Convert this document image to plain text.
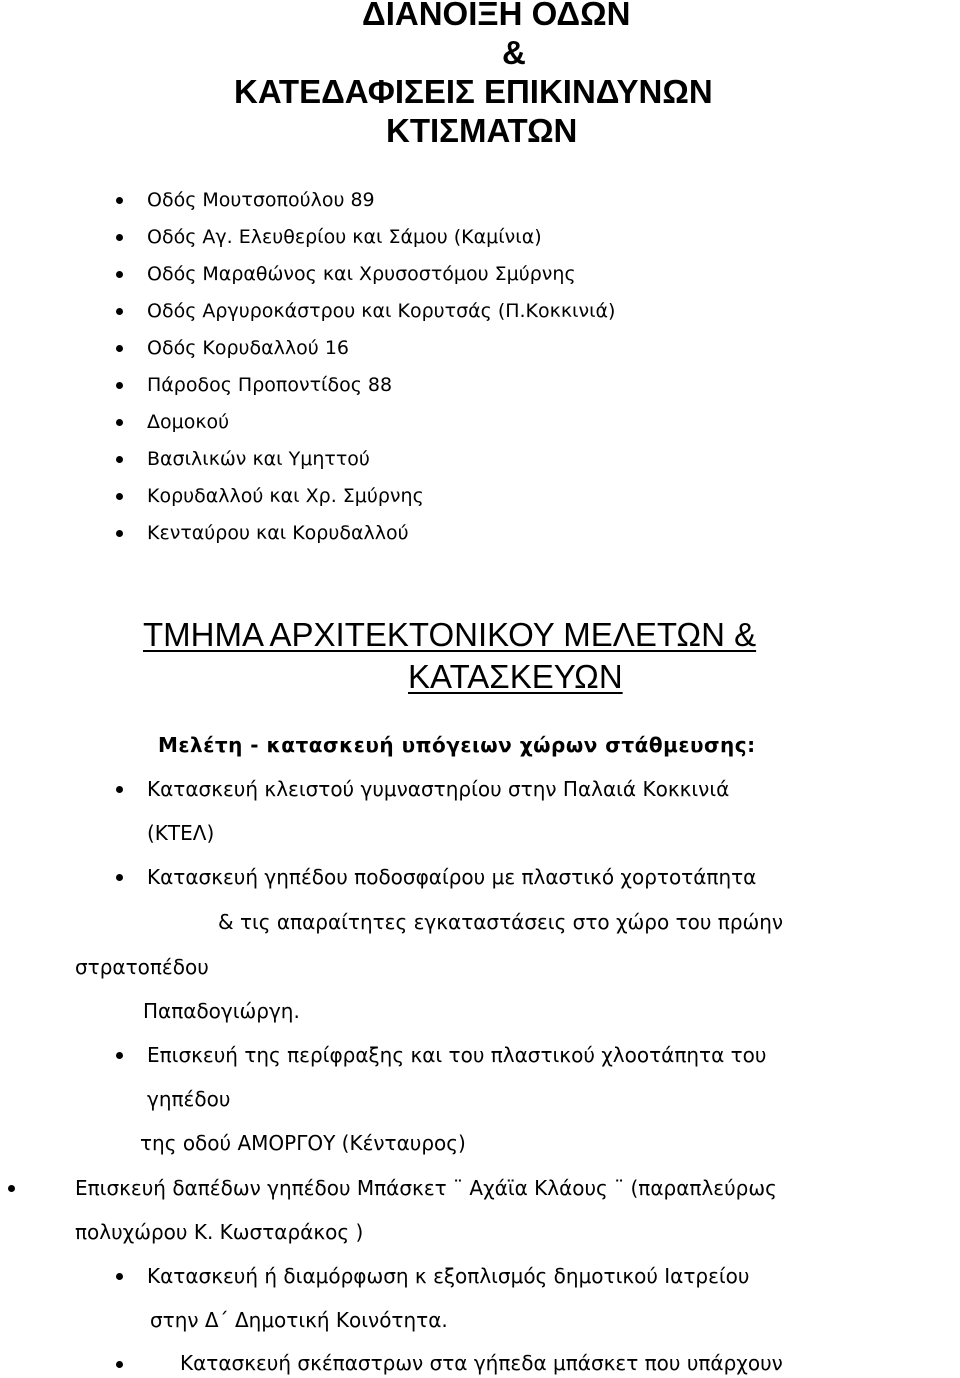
ΔΙΑΝΟΙΞΗ ΟΔΩΝ
&
ΚΑΤΕΔΑΦΙΣΕΙΣ ΕΠΙΚΙΝΔΥΝΩΝ
ΚΤΙΣΜΑΤΩΝ
Οδός Μουτσοπούλου 89
Οδός Αγ. Ελευθερίου και Σάμου (Καμίνια)
Οδός Μαραθώνος και Χρυσοστόμου Σμύρνης
Οδός Αργυροκάστρου και Κορυτσάς (Π.Κοκκινιά)
Οδός Κορυδαλλού 16
Πάροδος Προποντίδος 88
Δομοκού
Βασιλικών και Υμηττού
Κορυδαλλού και Χρ. Σμύρνης
Κενταύρου και Κορυδαλλού
ΤΜΗΜΑ ΑΡΧΙΤΕΚΤΟΝΙΚΟΥ ΜΕΛΕΤΩΝ &
ΚΑΤΑΣΚΕΥΩΝ
Μελέτη - κατασκευή υπόγειων χώρων στάθμευσης:
Κατασκευή κλειστού γυμναστηρίου στην Παλαιά Κοκκινιά
(ΚΤΕΛ)
Κατασκευή γηπέδου ποδοσφαίρου με πλαστικό χορτοτάπητα
& τις απαραίτητες εγκαταστάσεις στο χώρο του πρώην
στρατοπέδου
Παπαδογιώργη.
Επισκευή της περίφραξης και του πλαστικού χλοοτάπητα του
γηπέδου
της οδού ΑΜΟΡΓΟΥ (Κένταυρος)
Επισκευή δαπέδων γηπέδου Μπάσκετ ¨ Αχάϊα Κλάους ¨ (παραπλεύρως
πολυχώρου Κ. Κωσταράκος )
Κατασκευή ή διαμόρφωση κ εξοπλισμός δημοτικού Ιατρείου
στην Δ΄ Δημοτική Κοινότητα.
Κατασκευή σκέπαστρων στα γήπεδα μπάσκετ που υπάρχουν
